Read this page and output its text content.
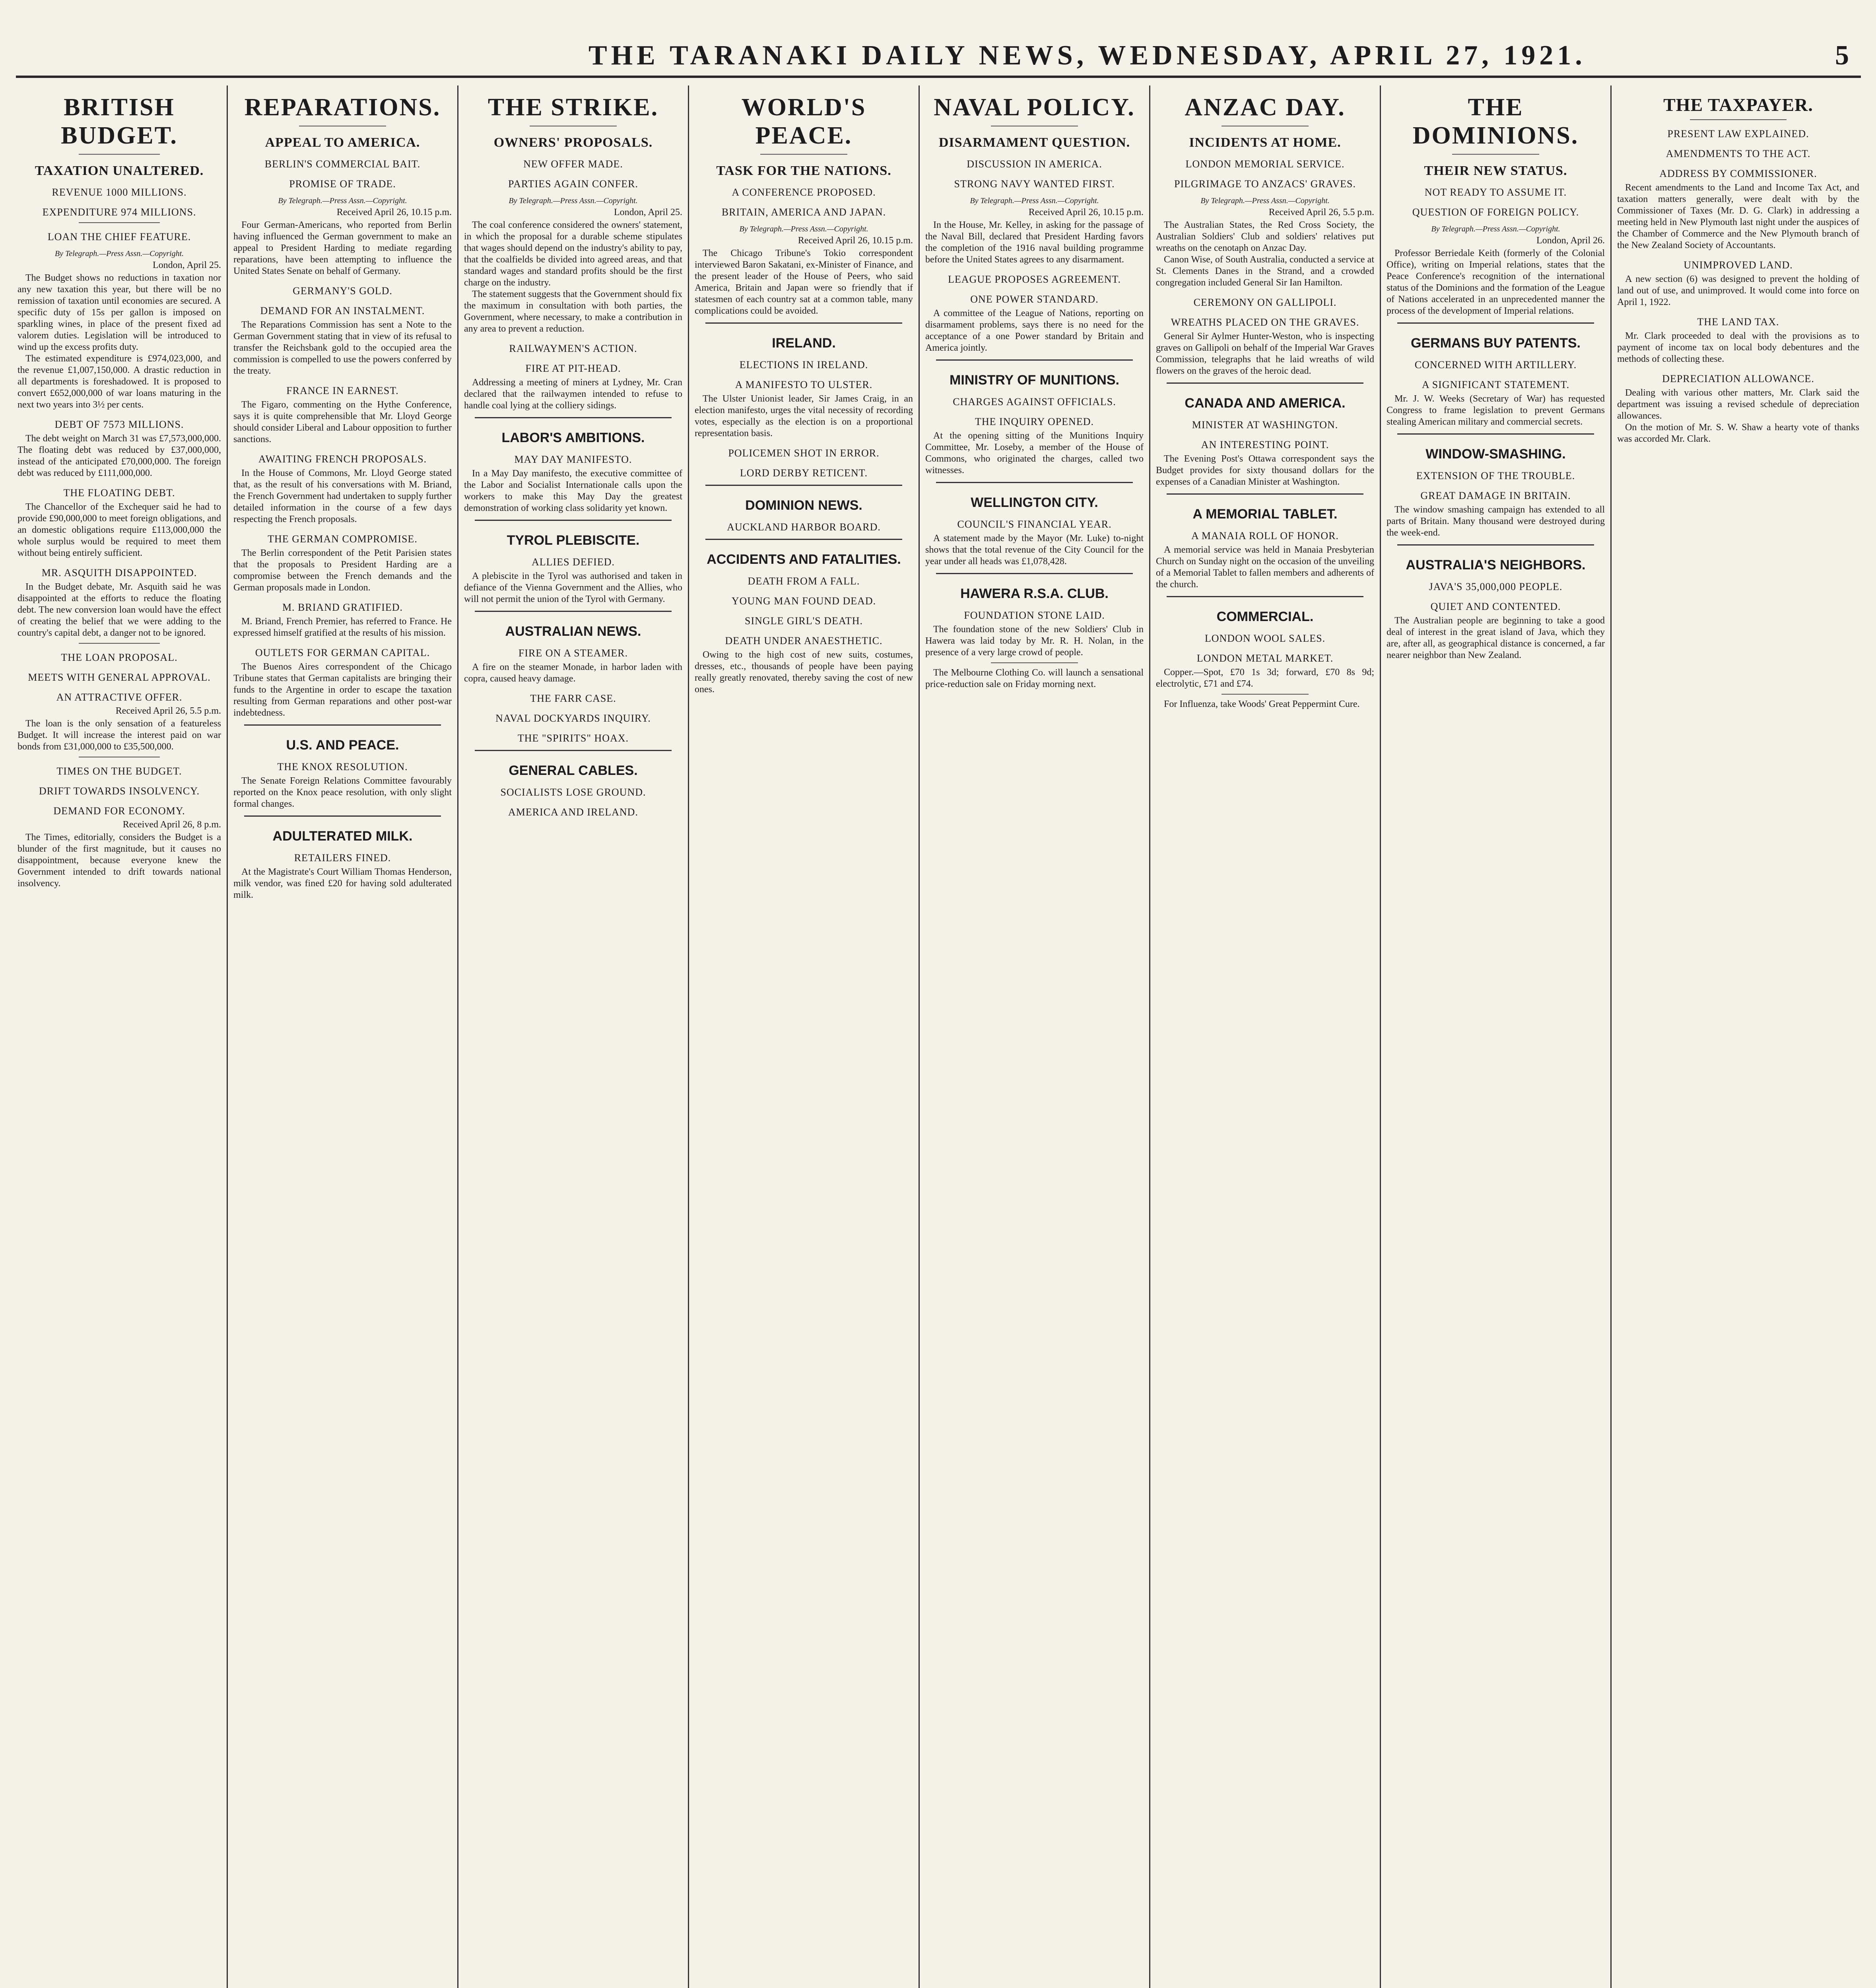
THE TARANAKI DAILY NEWS, WEDNESDAY, APRIL 27, 1921.	5
BRITISH BUDGET.
TAXATION UNALTERED.
REVENUE 1000 MILLIONS.
EXPENDITURE 974 MILLIONS.
LOAN THE CHIEF FEATURE.
By Telegraph.—Press Assn.—Copyright.
London, April 25.

The Budget shows no reductions in taxation nor any new taxation this year, but there will be no remission of taxation until economies are secured. A specific duty of 15s per gallon is imposed on sparkling wines, in place of the present fixed ad valorem duties. Legislation will be introduced to wind up the excess profits duty.

The estimated expenditure is £974,023,000, and the revenue £1,007,150,000. A drastic reduction in all departments is foreshadowed. It is proposed to convert £652,000,000 of war loans maturing in the next two years into 3½ per cents.

DEBT OF 7573 MILLIONS.

The debt weight on March 31 was £7,573,000,000. The floating debt was reduced by £37,000,000, instead of the anticipated £70,000,000. The foreign debt was reduced by £111,000,000.

THE FLOATING DEBT.

The Chancellor of the Exchequer said he had to provide £90,000,000 to meet foreign obligations, and an domestic obligations require £113,000,000 the whole surplus would be required to meet them without being entirely sufficient.

MR. ASQUITH DISAPPOINTED.

In the Budget debate, Mr. Asquith said he was disappointed at the efforts to reduce the floating debt. The new conversion loan would have the effect of creating the belief that we were adding to the country's capital debt, a danger not to be ignored.

THE LOAN PROPOSAL.
MEETS WITH GENERAL APPROVAL.
AN ATTRACTIVE OFFER.
Received April 26, 5.5 p.m.

The loan is the only sensation of a featureless Budget. It will increase the interest paid on war bonds from £31,000,000 to £35,500,000.

TIMES ON THE BUDGET.
DRIFT TOWARDS INSOLVENCY.
DEMAND FOR ECONOMY.
Received April 26, 8 p.m.

The Times, editorially, considers the Budget is a blunder of the first magnitude, but it causes no disappointment, because everyone knew the Government intended to drift towards national insolvency.

REPARATIONS.
APPEAL TO AMERICA.
BERLIN'S COMMERCIAL BAIT.
PROMISE OF TRADE.
By Telegraph.—Press Assn.—Copyright.
Received April 26, 10.15 p.m.

Four German-Americans, who reported from Berlin having influenced the German government to make an appeal to President Harding to mediate regarding reparations, have been attempting to influence the United States Senate on behalf of Germany.

GERMANY'S GOLD.
DEMAND FOR AN INSTALMENT.

The Reparations Commission has sent a Note to the German Government stating that in view of its refusal to transfer the Reichsbank gold to the occupied area the commission is compelled to use the powers conferred by the treaty.

FRANCE IN EARNEST.

The Figaro, commenting on the Hythe Conference, says it is quite comprehensible that Mr. Lloyd George should consider Liberal and Labour opposition to further sanctions.

AWAITING FRENCH PROPOSALS.

In the House of Commons, Mr. Lloyd George stated that, as the result of his conversations with M. Briand, the French Government had undertaken to supply further detailed information in the course of a few days respecting the French proposals.

THE GERMAN COMPROMISE.

The Berlin correspondent of the Petit Parisien states that the proposals to President Harding are a compromise between the French demands and the German proposals made in London.

M. BRIAND GRATIFIED.

M. Briand, French Premier, has referred to France. He expressed himself gratified at the results of his mission.

OUTLETS FOR GERMAN CAPITAL.

The Buenos Aires correspondent of the Chicago Tribune states that German capitalists are bringing their funds to the Argentine in order to escape the taxation resulting from German reparations and other post-war indebtedness.

U.S. AND PEACE.
THE KNOX RESOLUTION.

The Senate Foreign Relations Committee favourably reported on the Knox peace resolution, with only slight formal changes.

ADULTERATED MILK.
RETAILERS FINED.

At the Magistrate's Court William Thomas Henderson, milk vendor, was fined £20 for having sold adulterated milk.

THE STRIKE.
OWNERS' PROPOSALS.
NEW OFFER MADE.
PARTIES AGAIN CONFER.
By Telegraph.—Press Assn.—Copyright.
London, April 25.

The coal conference considered the owners' statement, in which the proposal for a durable scheme stipulates that wages should depend on the industry's ability to pay, that the coalfields be divided into agreed areas, and that standard wages and standard profits should be the first charge on the industry.

The statement suggests that the Government should fix the maximum in consultation with both parties, the Government, where necessary, to make a contribution in any area to prevent a reduction.

RAILWAYMEN'S ACTION.
FIRE AT PIT-HEAD.

Addressing a meeting of miners at Lydney, Mr. Cran declared that the railwaymen intended to refuse to handle coal lying at the colliery sidings.

LABOR'S AMBITIONS.
MAY DAY MANIFESTO.

In a May Day manifesto, the executive committee of the Labor and Socialist Internationale calls upon the workers to make this May Day the greatest demonstration of working class solidarity yet known.

TYROL PLEBISCITE.
ALLIES DEFIED.

A plebiscite in the Tyrol was authorised and taken in defiance of the Vienna Government and the Allies, who will not permit the union of the Tyrol with Germany.

AUSTRALIAN NEWS.
FIRE ON A STEAMER.

A fire on the steamer Monade, in harbor laden with copra, caused heavy damage.

THE FARR CASE.
NAVAL DOCKYARDS INQUIRY.
THE "SPIRITS" HOAX.
GENERAL CABLES.
SOCIALISTS LOSE GROUND.
AMERICA AND IRELAND.
WORLD'S PEACE.
TASK FOR THE NATIONS.
A CONFERENCE PROPOSED.
BRITAIN, AMERICA AND JAPAN.
By Telegraph.—Press Assn.—Copyright.
Received April 26, 10.15 p.m.

The Chicago Tribune's Tokio correspondent interviewed Baron Sakatani, ex-Minister of Finance, and the present leader of the House of Peers, who said America, Britain and Japan were so friendly that if statesmen of each country sat at a common table, many complications could be avoided.

IRELAND.
ELECTIONS IN IRELAND.
A MANIFESTO TO ULSTER.

The Ulster Unionist leader, Sir James Craig, in an election manifesto, urges the vital necessity of recording votes, especially as the election is on a proportional representation basis.

POLICEMEN SHOT IN ERROR.
LORD DERBY RETICENT.
DOMINION NEWS.
AUCKLAND HARBOR BOARD.
ACCIDENTS AND FATALITIES.
DEATH FROM A FALL.
YOUNG MAN FOUND DEAD.
SINGLE GIRL'S DEATH.
DEATH UNDER ANAESTHETIC.

Owing to the high cost of new suits, costumes, dresses, etc., thousands of people have been paying really greatly renovated, thereby saving the cost of new ones.

NAVAL POLICY.
DISARMAMENT QUESTION.
DISCUSSION IN AMERICA.
STRONG NAVY WANTED FIRST.
By Telegraph.—Press Assn.—Copyright.
Received April 26, 10.15 p.m.

In the House, Mr. Kelley, in asking for the passage of the Naval Bill, declared that President Harding favors the completion of the 1916 naval building programme before the United States agrees to any disarmament.

LEAGUE PROPOSES AGREEMENT.
ONE POWER STANDARD.

A committee of the League of Nations, reporting on disarmament problems, says there is no need for the acceptance of a one Power standard by Britain and America jointly.

MINISTRY OF MUNITIONS.
CHARGES AGAINST OFFICIALS.
THE INQUIRY OPENED.

At the opening sitting of the Munitions Inquiry Committee, Mr. Loseby, a member of the House of Commons, who originated the charges, called two witnesses.

WELLINGTON CITY.
COUNCIL'S FINANCIAL YEAR.

A statement made by the Mayor (Mr. Luke) to-night shows that the total revenue of the City Council for the year under all heads was £1,078,428.

HAWERA R.S.A. CLUB.
FOUNDATION STONE LAID.

The foundation stone of the new Soldiers' Club in Hawera was laid today by Mr. R. H. Nolan, in the presence of a very large crowd of people.

The Melbourne Clothing Co. will launch a sensational price-reduction sale on Friday morning next.

ANZAC DAY.
INCIDENTS AT HOME.
LONDON MEMORIAL SERVICE.
PILGRIMAGE TO ANZACS' GRAVES.
By Telegraph.—Press Assn.—Copyright.
Received April 26, 5.5 p.m.

The Australian States, the Red Cross Society, the Australian Soldiers' Club and soldiers' relatives put wreaths on the cenotaph on Anzac Day.

Canon Wise, of South Australia, conducted a service at St. Clements Danes in the Strand, and a crowded congregation included General Sir Ian Hamilton.

CEREMONY ON GALLIPOLI.
WREATHS PLACED ON THE GRAVES.

General Sir Aylmer Hunter-Weston, who is inspecting graves on Gallipoli on behalf of the Imperial War Graves Commission, telegraphs that he laid wreaths of wild flowers on the graves of the heroic dead.

CANADA AND AMERICA.
MINISTER AT WASHINGTON.
AN INTERESTING POINT.

The Evening Post's Ottawa correspondent says the Budget provides for sixty thousand dollars for the expenses of a Canadian Minister at Washington.

A MEMORIAL TABLET.
A MANAIA ROLL OF HONOR.

A memorial service was held in Manaia Presbyterian Church on Sunday night on the occasion of the unveiling of a Memorial Tablet to fallen members and adherents of the church.

COMMERCIAL.
LONDON WOOL SALES.
LONDON METAL MARKET.

Copper.—Spot, £70 1s 3d; forward, £70 8s 9d; electrolytic, £71 and £74.

For Influenza, take Woods' Great Peppermint Cure.

THE DOMINIONS.
THEIR NEW STATUS.
NOT READY TO ASSUME IT.
QUESTION OF FOREIGN POLICY.
By Telegraph.—Press Assn.—Copyright.
London, April 26.

Professor Berriedale Keith (formerly of the Colonial Office), writing on Imperial relations, states that the Peace Conference's recognition of the international status of the Dominions and the formation of the League of Nations accelerated in an unprecedented manner the process of the development of Imperial relations.

GERMANS BUY PATENTS.
CONCERNED WITH ARTILLERY.
A SIGNIFICANT STATEMENT.

Mr. J. W. Weeks (Secretary of War) has requested Congress to frame legislation to prevent Germans stealing American military and commercial secrets.

WINDOW-SMASHING.
EXTENSION OF THE TROUBLE.
GREAT DAMAGE IN BRITAIN.

The window smashing campaign has extended to all parts of Britain. Many thousand were destroyed during the week-end.

AUSTRALIA'S NEIGHBORS.
JAVA'S 35,000,000 PEOPLE.
QUIET AND CONTENTED.

The Australian people are beginning to take a good deal of interest in the great island of Java, which they are, after all, as geographical distance is concerned, a far nearer neighbor than New Zealand.

THE TAXPAYER.
PRESENT LAW EXPLAINED.
AMENDMENTS TO THE ACT.
ADDRESS BY COMMISSIONER.

Recent amendments to the Land and Income Tax Act, and taxation matters generally, were dealt with by the Commissioner of Taxes (Mr. D. G. Clark) in addressing a meeting held in New Plymouth last night under the auspices of the Chamber of Commerce and the New Plymouth branch of the New Zealand Society of Accountants.

UNIMPROVED LAND.

A new section (6) was designed to prevent the holding of land out of use, and unimproved. It would come into force on April 1, 1922.

THE LAND TAX.

Mr. Clark proceeded to deal with the provisions as to payment of income tax on local body debentures and the methods of collecting these.

DEPRECIATION ALLOWANCE.

Dealing with various other matters, Mr. Clark said the department was issuing a revised schedule of depreciation allowances.

On the motion of Mr. S. W. Shaw a hearty vote of thanks was accorded Mr. Clark.
